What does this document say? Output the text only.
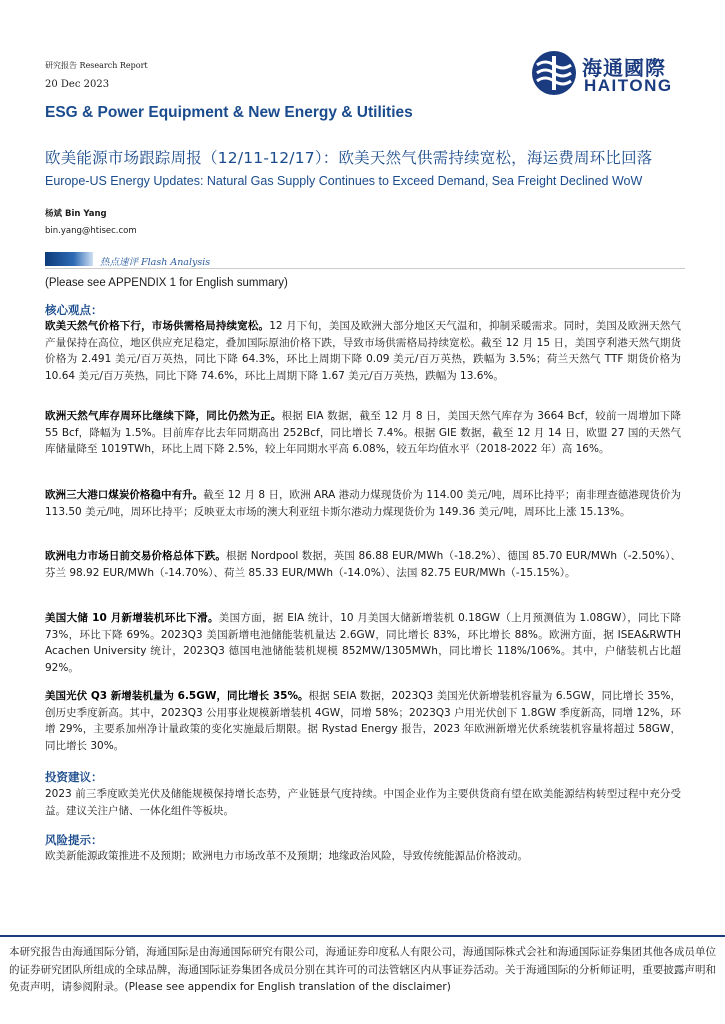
研究报告 Research Report
20 Dec 2023
海通國際
HAITONG
ESG & Power Equipment & New Energy & Utilities
欧美能源市场跟踪周报（12/11-12/17）：欧美天然气供需持续宽松，海运费周环比回落
Europe-US Energy Updates: Natural Gas Supply Continues to Exceed Demand, Sea Freight Declined WoW
杨斌 Bin Yang
bin.yang@htisec.com
热点速评 Flash Analysis
(Please see APPENDIX 1 for English summary)
核心观点：
欧美天然气价格下行，市场供需格局持续宽松。12 月下旬，美国及欧洲大部分地区天气温和，抑制采暖需求。同时，美国及欧洲天然气产量保持在高位，地区供应充足稳定，叠加国际原油价格下跌，导致市场供需格局持续宽松。截至 12 月 15 日，美国亨利港天然气期货价格为 2.491 美元/百万英热，同比下降 64.3%，环比上周期下降 0.09 美元/百万英热，跌幅为 3.5%；荷兰天然气 TTF 期货价格为 10.64 美元/百万英热，同比下降 74.6%，环比上周期下降 1.67 美元/百万英热，跌幅为 13.6%。
欧洲天然气库存周环比继续下降，同比仍然为正。根据 EIA 数据，截至 12 月 8 日，美国天然气库存为 3664 Bcf，较前一周增加下降 55 Bcf，降幅为 1.5%。目前库存比去年同期高出 252Bcf，同比增长 7.4%。根据 GIE 数据，截至 12 月 14 日，欧盟 27 国的天然气库储量降至 1019TWh，环比上周下降 2.5%，较上年同期水平高 6.08%，较五年均值水平（2018-2022 年）高 16%。
欧洲三大港口煤炭价格稳中有升。截至 12 月 8 日，欧洲 ARA 港动力煤现货价为 114.00 美元/吨，周环比持平；南非理查德港现货价为 113.50 美元/吨，周环比持平；反映亚太市场的澳大利亚纽卡斯尔港动力煤现货价为 149.36 美元/吨，周环比上涨 15.13%。
欧洲电力市场日前交易价格总体下跌。根据 Nordpool 数据，英国 86.88 EUR/MWh（-18.2%）、德国 85.70 EUR/MWh（-2.50%）、芬兰 98.92 EUR/MWh（-14.70%）、荷兰 85.33 EUR/MWh（-14.0%）、法国 82.75 EUR/MWh（-15.15%）。
美国大储 10 月新增装机环比下滑。美国方面，据 EIA 统计，10 月美国大储新增装机 0.18GW（上月预测值为 1.08GW），同比下降 73%，环比下降 69%。2023Q3 美国新增电池储能装机量达 2.6GW，同比增长 83%，环比增长 88%。欧洲方面，据 ISEA&RWTH Acachen University 统计，2023Q3 德国电池储能装机规模 852MW/1305MWh，同比增长 118%/106%。其中，户储装机占比超 92%。
美国光伏 Q3 新增装机量为 6.5GW，同比增长 35%。根据 SEIA 数据，2023Q3 美国光伏新增装机容量为 6.5GW，同比增长 35%，创历史季度新高。其中，2023Q3 公用事业规模新增装机 4GW，同增 58%；2023Q3 户用光伏创下 1.8GW 季度新高，同增 12%，环增 29%，主要系加州净计量政策的变化实施最后期限。据 Rystad Energy 报告，2023 年欧洲新增光伏系统装机容量将超过 58GW，同比增长 30%。
投资建议：
2023 前三季度欧美光伏及储能规模保持增长态势，产业链景气度持续。中国企业作为主要供货商有望在欧美能源结构转型过程中充分受益。建议关注户储、一体化组件等板块。
风险提示：
欧美新能源政策推进不及预期；欧洲电力市场改革不及预期；地缘政治风险，导致传统能源品价格波动。
本研究报告由海通国际分销，海通国际是由海通国际研究有限公司，海通证券印度私人有限公司，海通国际株式会社和海通国际证券集团其他各成员单位的证券研究团队所组成的全球品牌，海通国际证券集团各成员分别在其许可的司法管辖区内从事证券活动。关于海通国际的分析师证明，重要披露声明和免责声明，请参阅附录。(Please see appendix for English translation of the disclaimer)
